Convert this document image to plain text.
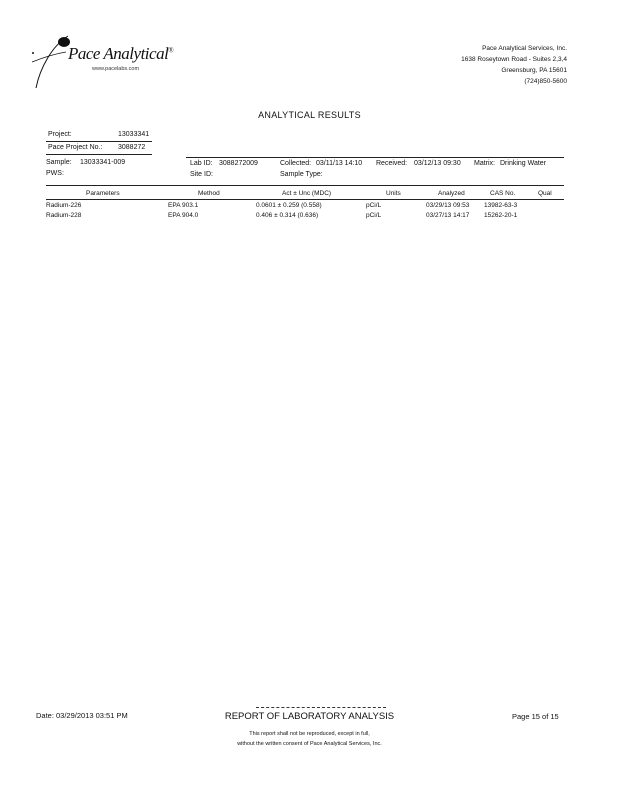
Pace Analytical®
www.pacelabs.com
Pace Analytical Services, Inc.
1638 Roseytown Road - Suites 2,3,4
Greensburg, PA 15601
(724)850-5600
ANALYTICAL RESULTS
Project:	13033341
Pace Project No.: 3088272
Sample: 13033341-009
PWS:
Lab ID: 3088272009
Site ID:
Collected: 03/11/13 14:10
Sample Type:
Received: 03/12/13 09:30 Matrix: Drinking Water
Parameters	Method	Act ± Unc (MDC)	Units	Analyzed	CAS No.	Qual
Radium-226	EPA 903.1	0.0601 ± 0.259 (0.558)	pCi/L	03/29/13 09:53 13982-63-3
Radium-228	EPA 904.0	0.406 ± 0.314 (0.636)	pCi/L	03/27/13 14:17 15262-20-1
Date: 03/29/2013 03:51 PM	REPORT OF LABORATORY ANALYSIS	Page 15 of 15
This report shall not be reproduced, except in full,
without the written consent of Pace Analytical Services, Inc.
